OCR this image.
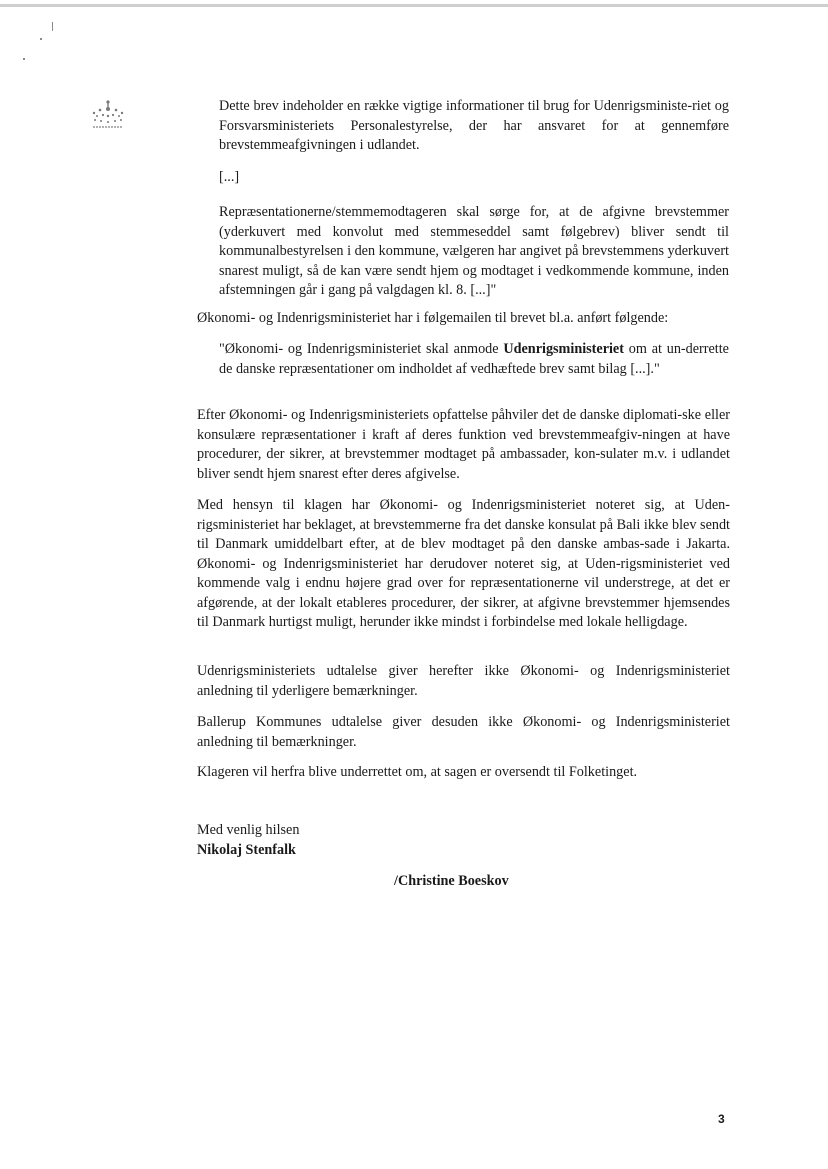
Dette brev indeholder en række vigtige informationer til brug for Udenrigsministe-riet og Forsvarsministeriets Personalestyrelse, der har ansvaret for at gennemføre brevstemmeafgivningen i udlandet.

[...]

Repræsentationerne/stemmemodtageren skal sørge for, at de afgivne brevstemmer (yderkuvert med konvolut med stemmeseddel samt følgebrev) bliver sendt til kommunalbestyrelsen i den kommune, vælgeren har angivet på brevstemmens yderkuvert snarest muligt, så de kan være sendt hjem og modtaget i vedkommende kommune, inden afstemningen går i gang på valgdagen kl. 8. [...]"

Økonomi- og Indenrigsministeriet har i følgemailen til brevet bl.a. anført følgende:

"Økonomi- og Indenrigsministeriet skal anmode Udenrigsministeriet om at un-derrette de danske repræsentationer om indholdet af vedhæftede brev samt bilag [...]."

Efter Økonomi- og Indenrigsministeriets opfattelse påhviler det de danske diplomati-ske eller konsulære repræsentationer i kraft af deres funktion ved brevstemmeafgiv-ningen at have procedurer, der sikrer, at brevstemmer modtaget på ambassader, kon-sulater m.v. i udlandet bliver sendt hjem snarest efter deres afgivelse.

Med hensyn til klagen har Økonomi- og Indenrigsministeriet noteret sig, at Uden-rigsministeriet har beklaget, at brevstemmerne fra det danske konsulat på Bali ikke blev sendt til Danmark umiddelbart efter, at de blev modtaget på den danske ambas-sade i Jakarta. Økonomi- og Indenrigsministeriet har derudover noteret sig, at Uden-rigsministeriet ved kommende valg i endnu højere grad over for repræsentationerne vil understrege, at det er afgørende, at der lokalt etableres procedurer, der sikrer, at afgivne brevstemmer hjemsendes til Danmark hurtigst muligt, herunder ikke mindst i forbindelse med lokale helligdage.

Udenrigsministeriets udtalelse giver herefter ikke Økonomi- og Indenrigsministeriet anledning til yderligere bemærkninger.

Ballerup Kommunes udtalelse giver desuden ikke Økonomi- og Indenrigsministeriet anledning til bemærkninger.

Klageren vil herfra blive underrettet om, at sagen er oversendt til Folketinget.

Med venlig hilsen
Nikolaj Stenfalk
/Christine Boeskov
3
